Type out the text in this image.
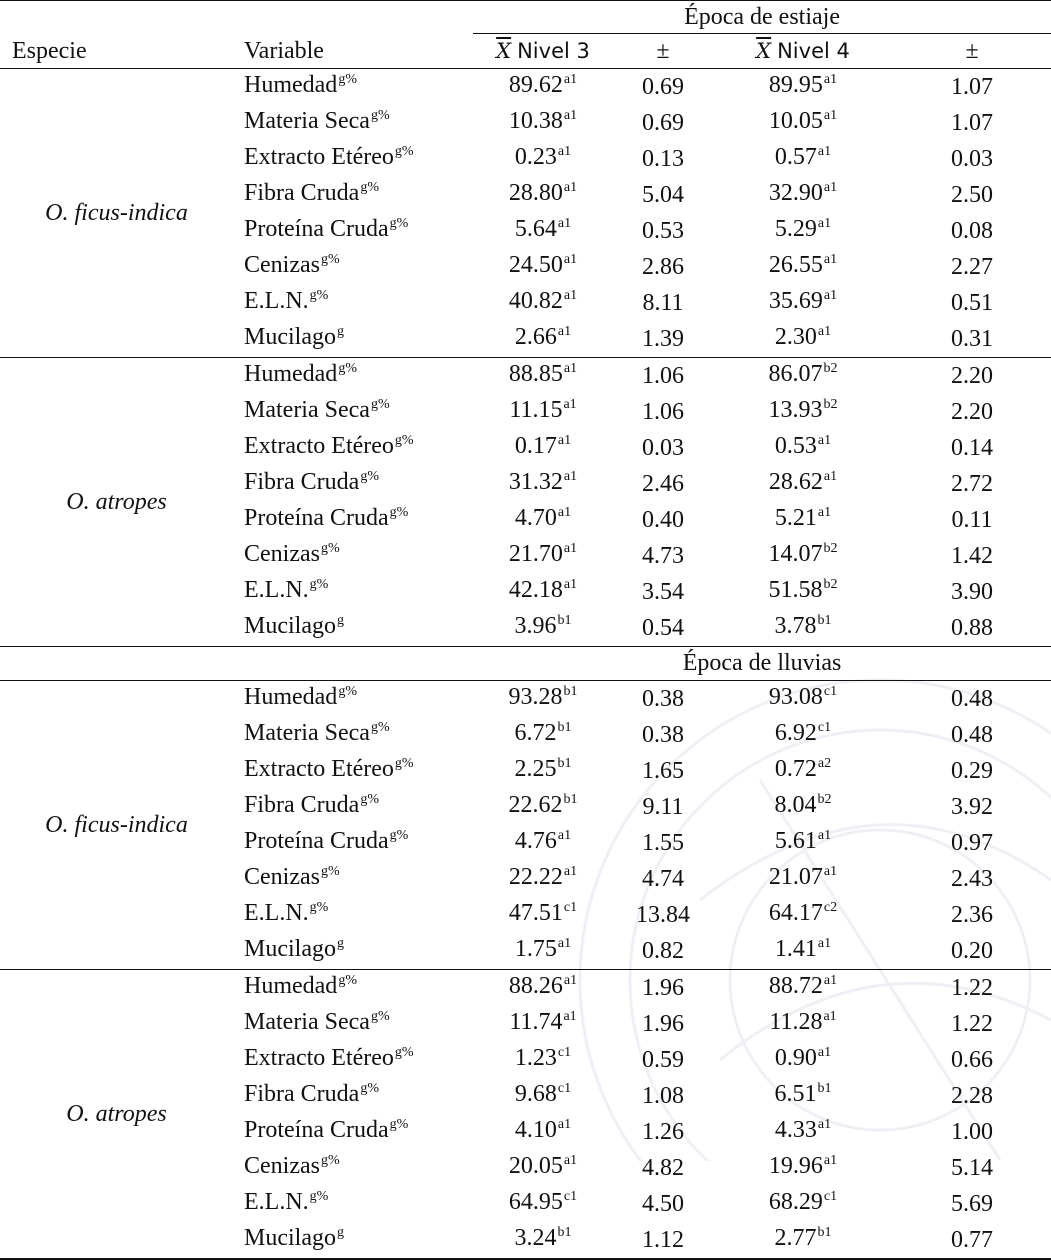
		Época de estiaje			
Especie	Variable	$\overline{X}$ Nivel 3	±	$\overline{X}$ Nivel 4	±
O. ficus-indica	Humedad$^{g\%}$	$89.62^{a1}$	0.69	$89.95^{a1}$	1.07
	Materia Seca$^{g\%}$	$10.38^{a1}$	0.69	$10.05^{a1}$	1.07
	Extracto Etéreo$^{g\%}$	$0.23^{a1}$	0.13	$0.57^{a1}$	0.03
	Fibra Cruda$^{g\%}$	$28.80^{a1}$	5.04	$32.90^{a1}$	2.50
	Proteína Cruda$^{g\%}$	$5.64^{a1}$	0.53	$5.29^{a1}$	0.08
	Cenizas$^{g\%}$	$24.50^{a1}$	2.86	$26.55^{a1}$	2.27
	E.L.N.$^{g\%}$	$40.82^{a1}$	8.11	$35.69^{a1}$	0.51
	Mucilago$^g$	$2.66^{a1}$	1.39	$2.30^{a1}$	0.31
O. atropes	Humedad$^{g\%}$	$88.85^{a1}$	1.06	$86.07^{b2}$	2.20
	Materia Seca$^{g\%}$	$11.15^{a1}$	1.06	$13.93^{b2}$	2.20
	Extracto Etéreo$^{g\%}$	$0.17^{a1}$	0.03	$0.53^{a1}$	0.14
	Fibra Cruda$^{g\%}$	$31.32^{a1}$	2.46	$28.62^{a1}$	2.72
	Proteína Cruda$^{g\%}$	$4.70^{a1}$	0.40	$5.21^{a1}$	0.11
	Cenizas$^{g\%}$	$21.70^{a1}$	4.73	$14.07^{b2}$	1.42
	E.L.N.$^{g\%}$	$42.18^{a1}$	3.54	$51.58^{b2}$	3.90
	Mucilago$^g$	$3.96^{b1}$	0.54	$3.78^{b1}$	0.88
		Época de lluvias			
O. ficus-indica	Humedad$^{g\%}$	$93.28^{b1}$	0.38	$93.08^{c1}$	0.48
	Materia Seca$^{g\%}$	$6.72^{b1}$	0.38	$6.92^{c1}$	0.48
	Extracto Etéreo$^{g\%}$	$2.25^{b1}$	1.65	$0.72^{a2}$	0.29
	Fibra Cruda$^{g\%}$	$22.62^{b1}$	9.11	$8.04^{b2}$	3.92
	Proteína Cruda$^{g\%}$	$4.76^{a1}$	1.55	$5.61^{a1}$	0.97
	Cenizas$^{g\%}$	$22.22^{a1}$	4.74	$21.07^{a1}$	2.43
	E.L.N.$^{g\%}$	$47.51^{c1}$	13.84	$64.17^{c2}$	2.36
	Mucilago$^g$	$1.75^{a1}$	0.82	$1.41^{a1}$	0.20
O. atropes	Humedad$^{g\%}$	$88.26^{a1}$	1.96	$88.72^{a1}$	1.22
	Materia Seca$^{g\%}$	$11.74^{a1}$	1.96	$11.28^{a1}$	1.22
	Extracto Etéreo$^{g\%}$	$1.23^{c1}$	0.59	$0.90^{a1}$	0.66
	Fibra Cruda$^{g\%}$	$9.68^{c1}$	1.08	$6.51^{b1}$	2.28
	Proteína Cruda$^{g\%}$	$4.10^{a1}$	1.26	$4.33^{a1}$	1.00
	Cenizas$^{g\%}$	$20.05^{a1}$	4.82	$19.96^{a1}$	5.14
	E.L.N.$^{g\%}$	$64.95^{c1}$	4.50	$68.29^{c1}$	5.69
	Mucilago$^g$	$3.24^{b1}$	1.12	$2.77^{b1}$	0.77
